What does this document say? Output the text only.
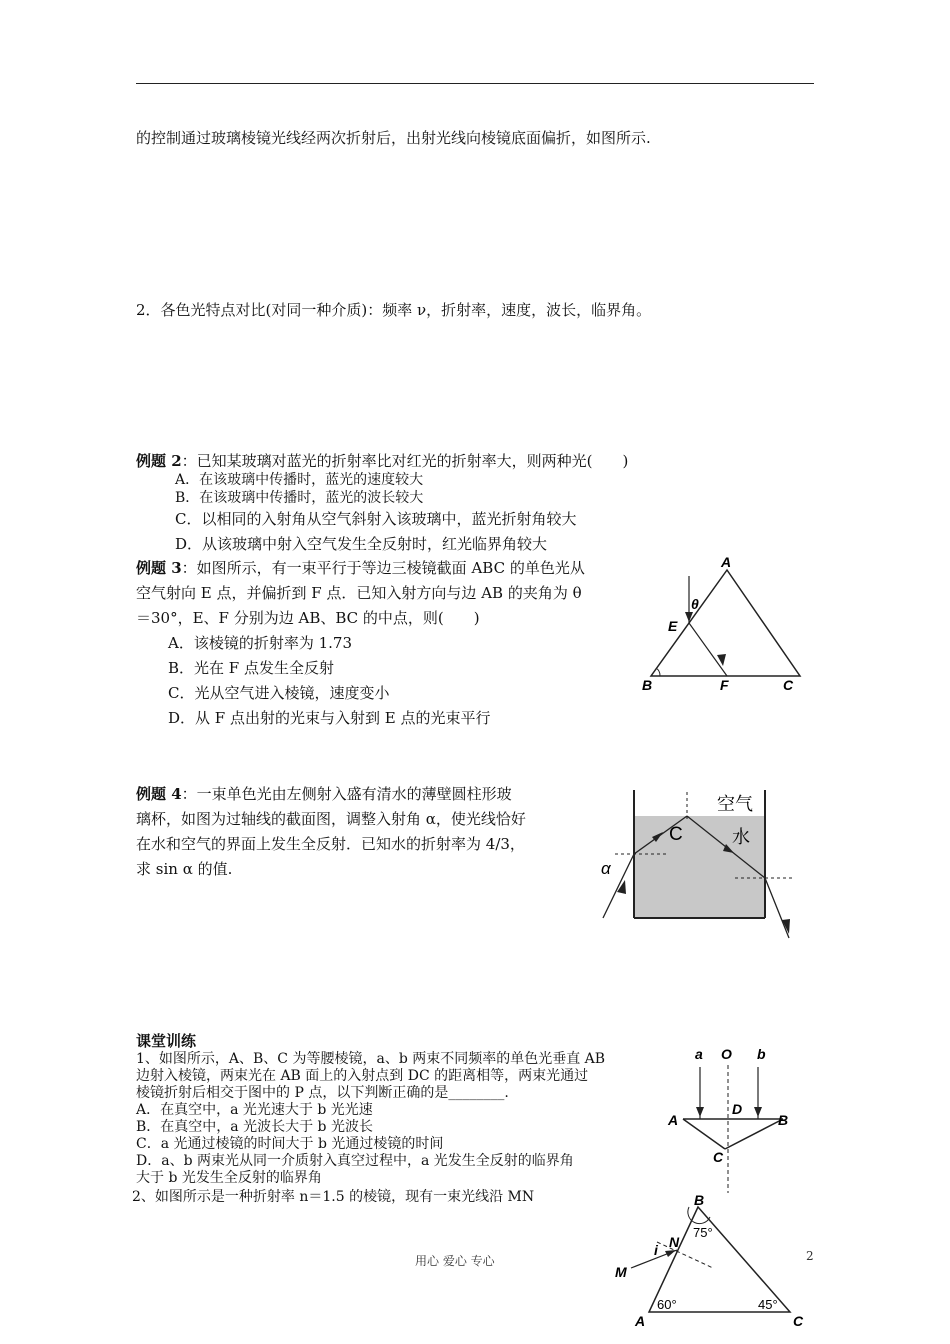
的控制通过玻璃棱镜光线经两次折射后，出射光线向棱镜底面偏折，如图所示.
2．各色光特点对比(对同一种介质)：频率 ν，折射率，速度，波长，临界角。
例题 2：已知某玻璃对蓝光的折射率比对红光的折射率大，则两种光(　　)
A．在该玻璃中传播时，蓝光的速度较大
B．在该玻璃中传播时，蓝光的波长较大
C．以相同的入射角从空气斜射入该玻璃中，蓝光折射角较大
D．从该玻璃中射入空气发生全反射时，红光临界角较大
例题 3：如图所示，有一束平行于等边三棱镜截面 ABC 的单色光从
空气射向 E 点，并偏折到 F 点．已知入射方向与边 AB 的夹角为 θ
＝30°，E、F 分别为边 AB、BC 的中点，则(　　)
A．该棱镜的折射率为 1.73
B．光在 F 点发生全反射
C．光从空气进入棱镜，速度变小
D．从 F 点出射的光束与入射到 E 点的光束平行
A
B	C
E
F
θ
例题 4：一束单色光由左侧射入盛有清水的薄壁圆柱形玻
璃杯，如图为过轴线的截面图，调整入射角 α，使光线恰好
在水和空气的界面上发生全反射．已知水的折射率为 4/3，
求 sin α 的值.
空气
水
C
α
课堂训练
1、如图所示，A、B、C 为等腰棱镜，a、b 两束不同频率的单色光垂直 AB
边射入棱镜，两束光在 AB 面上的入射点到 DC 的距离相等，两束光通过
棱镜折射后相交于图中的 P 点，以下判断正确的是________.
A．在真空中，a 光光速大于 b 光光速
B．在真空中，a 光波长大于 b 光波长
C．a 光通过棱镜的时间大于 b 光通过棱镜的时间
D．a、b 两束光从同一介质射入真空过程中，a 光发生全反射的临界角
大于 b 光发生全反射的临界角
2、如图所示是一种折射率 n＝1.5 的棱镜，现有一束光线沿 MN
a O b
A
D
B
C
B
75°
N
i
M
A
60°	45°
C
用心 爱心 专心	2
